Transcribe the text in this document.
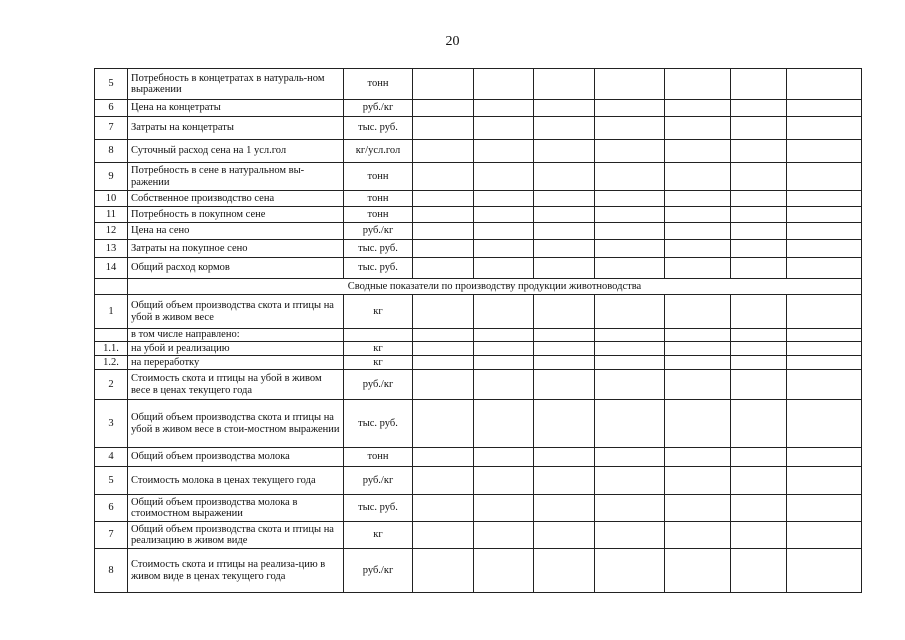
20
5	Потребность в концетратах в натураль-ном выражении	тонн							
6	Цена на концетраты	руб./кг							
7	Затраты на концетраты	тыс. руб.							
8	Суточный расход сена на 1 усл.гол	кг/усл.гол							
9	Потребность в сене в натуральном вы-ражении	тонн							
10	Собственное производство сена	тонн							
11	Потребность в покупном сене	тонн							
12	Цена на сено	руб./кг							
13	Затраты на покупное сено	тыс. руб.							
14	Общий расход кормов	тыс. руб.							
	Сводные показатели по производству продукции животноводства								
1	Общий объем производства скота и птицы на убой в живом весе	кг							
	в том числе направлено:								
1.1.	на убой и реализацию	кг							
1.2.	на переработку	кг							
2	Стоимость скота и птицы на убой в живом весе в ценах текущего года	руб./кг							
3	Общий объем производства скота и птицы на убой в живом весе в стои-мостном выражении	тыс. руб.							
4	Общий объем производства молока	тонн							
5	Стоимость молока в ценах текущего года	руб./кг							
6	Общий объем производства молока в стоимостном выражении	тыс. руб.							
7	Общий объем производства скота и птицы на реализацию в живом виде	кг							
8	Стоимость скота и птицы на реализа-цию в живом виде в ценах текущего года	руб./кг							
